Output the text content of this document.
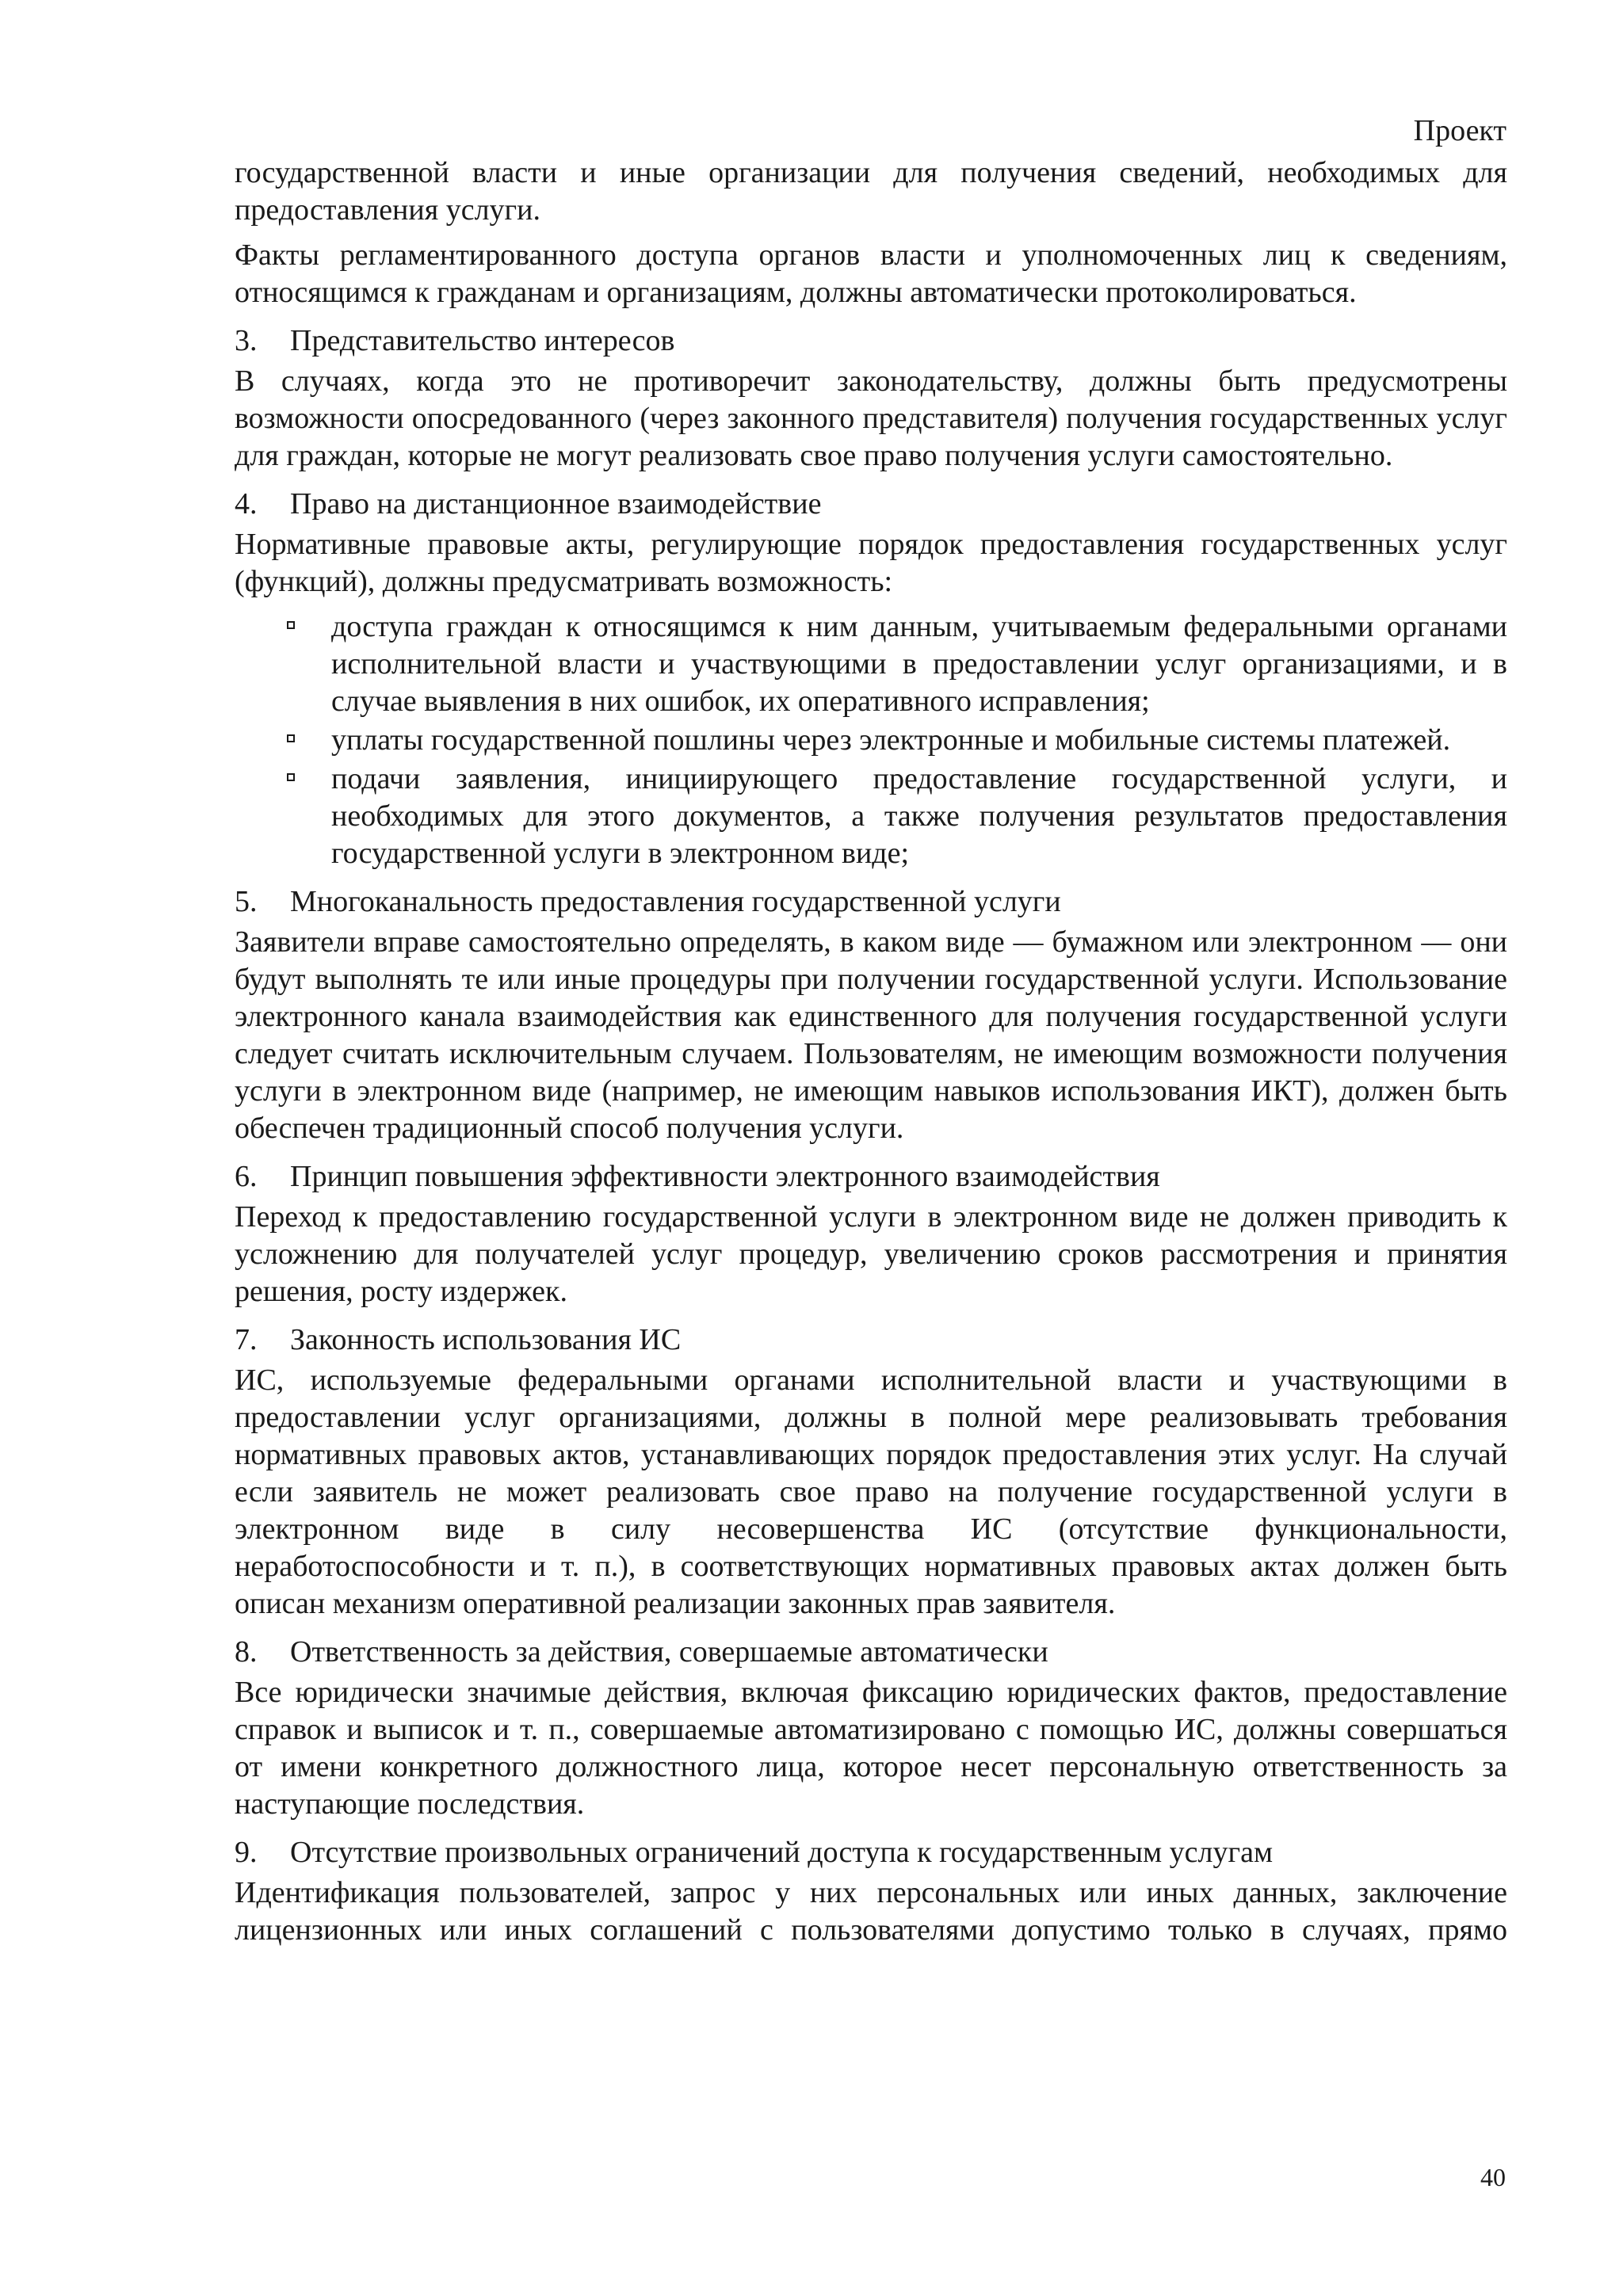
Проект

государственной власти и иные организации для получения сведений, необходимых для предоставления услуги.

Факты регламентированного доступа органов власти и уполномоченных лиц к сведениям, относящимся к гражданам и организациям, должны автоматически протоколироваться.

3.	Представительство интересов

В случаях, когда это не противоречит законодательству, должны быть предусмотрены возможности опосредованного (через законного представителя) получения государственных услуг для граждан, которые не могут реализовать свое право получения услуги самостоятельно.

4.	Право на дистанционное взаимодействие

Нормативные правовые акты, регулирующие порядок предоставления государственных услуг (функций), должны предусматривать возможность:

доступа граждан к относящимся к ним данным, учитываемым федеральными органами исполнительной власти и участвующими в предоставлении услуг организациями, и в случае выявления в них ошибок, их оперативного исправления;
уплаты государственной пошлины через электронные и мобильные системы платежей.
подачи заявления, инициирующего предоставление государственной услуги, и необходимых для этого документов, а также получения результатов предоставления государственной услуги в электронном виде;
5.	Многоканальность предоставления государственной услуги

Заявители вправе самостоятельно определять, в каком виде — бумажном или электронном — они будут выполнять те или иные процедуры при получении государственной услуги. Использование электронного канала взаимодействия как единственного для получения государственной услуги следует считать исключительным случаем. Пользователям, не имеющим возможности получения услуги в электронном виде (например, не имеющим навыков использования ИКТ), должен быть обеспечен традиционный способ получения услуги.

6.	Принцип повышения эффективности электронного взаимодействия

Переход к предоставлению государственной услуги в электронном виде не должен приводить к усложнению для получателей услуг процедур, увеличению сроков рассмотрения и принятия решения, росту издержек.

7.	Законность использования ИС

ИС, используемые федеральными органами исполнительной власти и участвующими в предоставлении услуг организациями, должны в полной мере реализовывать требования нормативных правовых актов, устанавливающих порядок предоставления этих услуг. На случай если заявитель не может реализовать свое право на получение государственной услуги в электронном виде в силу несовершенства ИС (отсутствие функциональности, неработоспособности и т. п.), в соответствующих нормативных правовых актах должен быть описан механизм оперативной реализации законных прав заявителя.

8.	Ответственность за действия, совершаемые автоматически

Все юридически значимые действия, включая фиксацию юридических фактов, предоставление справок и выписок и т. п., совершаемые автоматизировано с помощью ИС, должны совершаться от имени конкретного должностного лица, которое несет персональную ответственность за наступающие последствия.

9.	Отсутствие произвольных ограничений доступа к государственным услугам

Идентификация пользователей, запрос у них персональных или иных данных, заключение лицензионных или иных соглашений с пользователями допустимо только в случаях, прямо

40
